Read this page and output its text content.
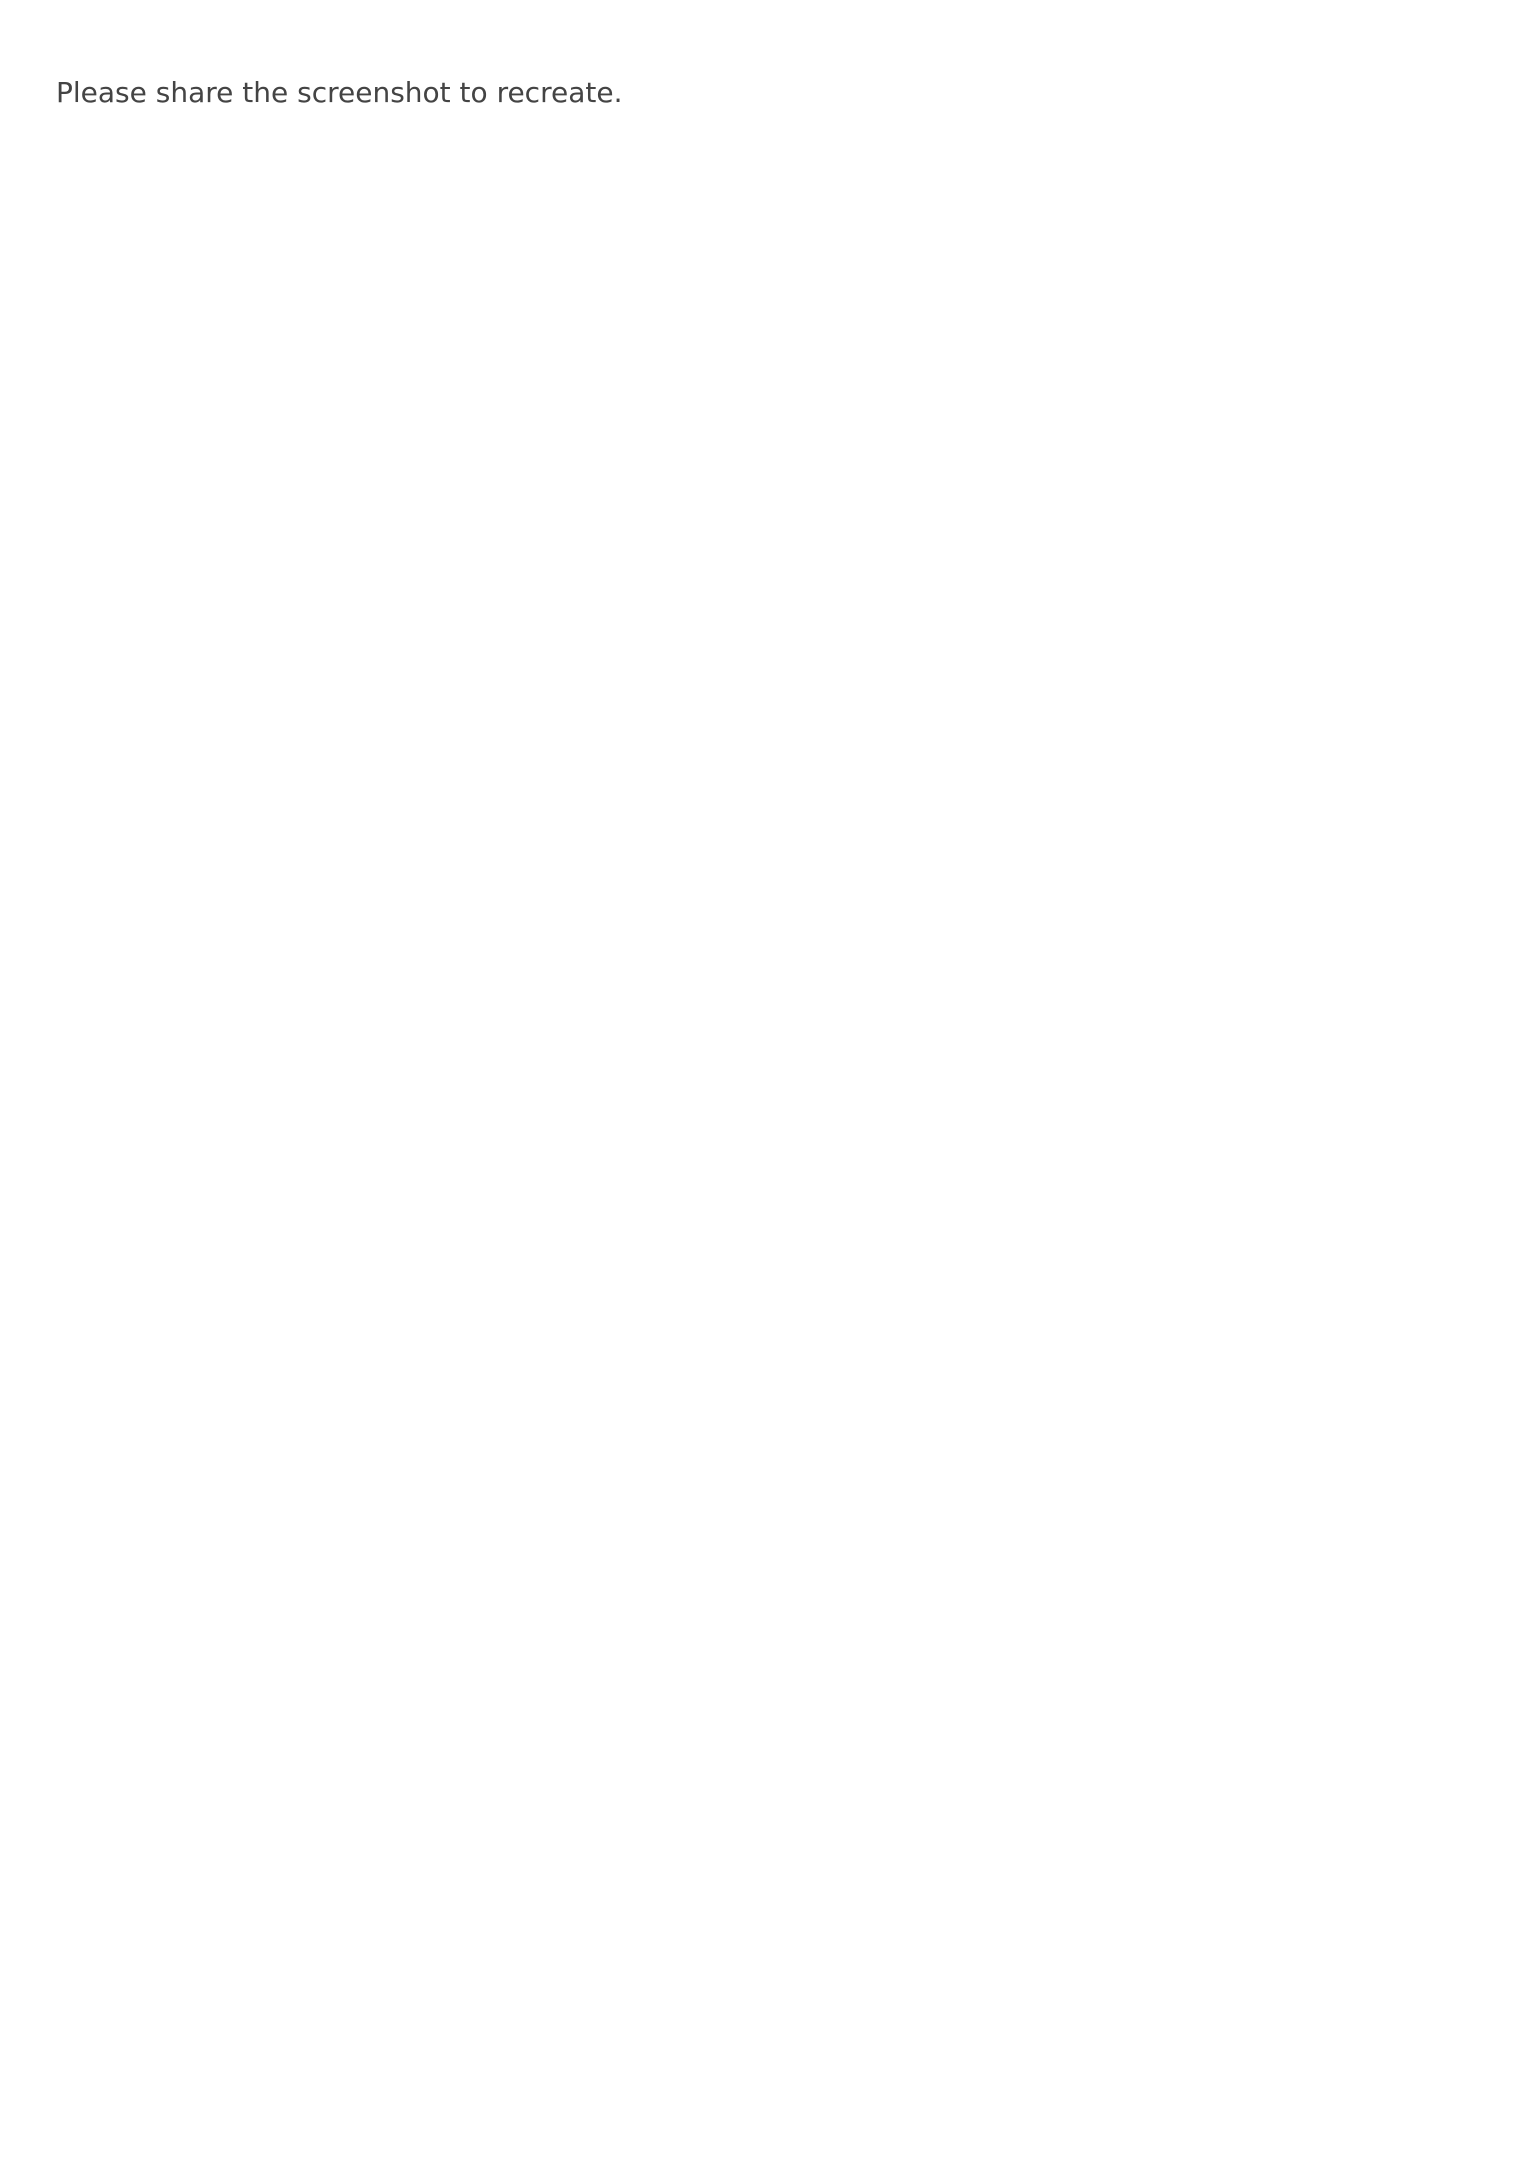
Please share the screenshot to recreate.
